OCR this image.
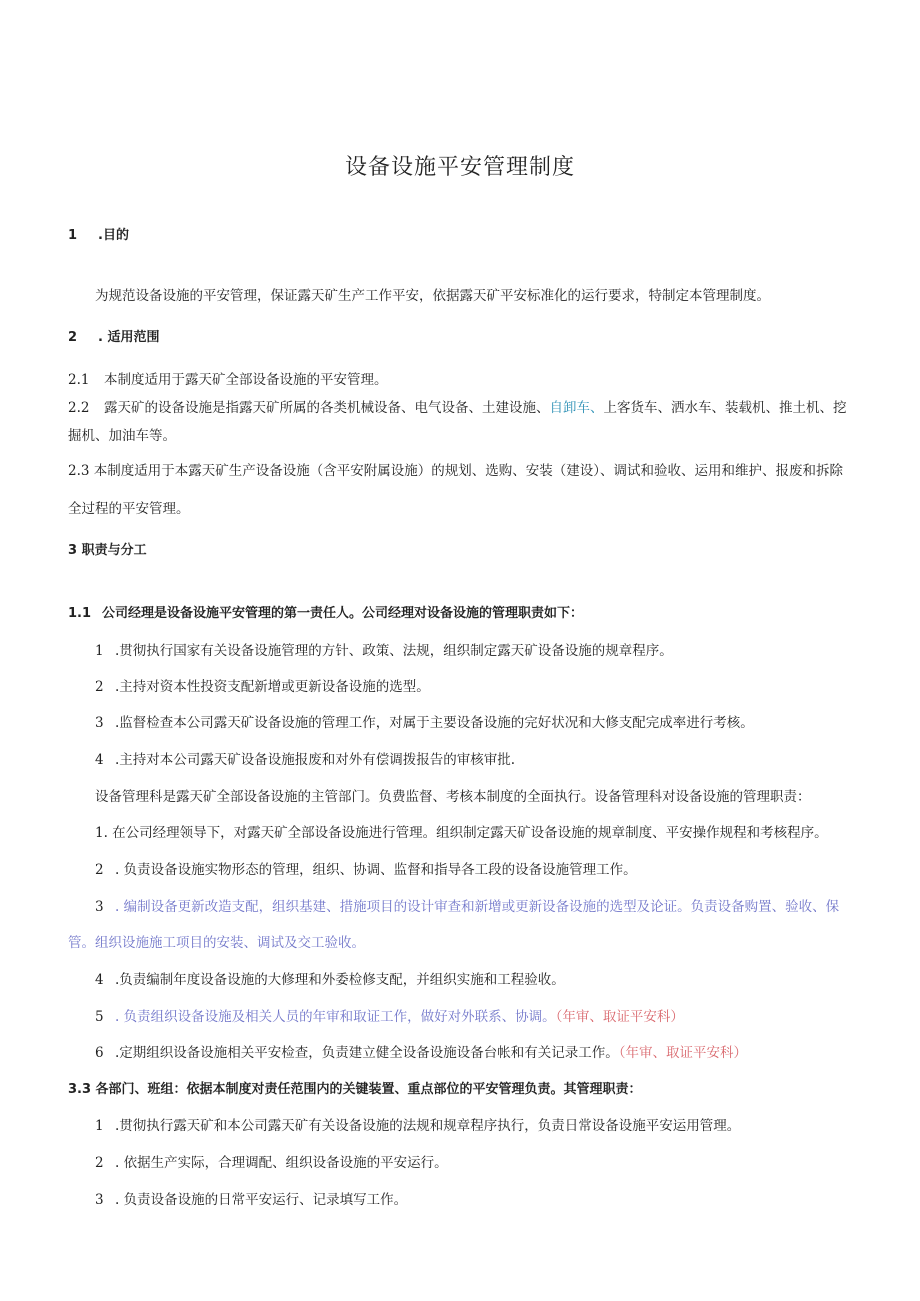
设备设施平安管理制度
1 .目的
为规范设备设施的平安管理，保证露天矿生产工作平安，依据露天矿平安标准化的运行要求，特制定本管理制度。
2 . 适用范围
2.1 本制度适用于露天矿全部设备设施的平安管理。
2.2 露天矿的设备设施是指露天矿所属的各类机械设备、电气设备、土建设施、自卸车、上客货车、洒水车、装载机、推土机、挖
掘机、加油车等。
2.3 本制度适用于本露天矿生产设备设施（含平安附属设施）的规划、选购、安装（建设）、调试和验收、运用和维护、报废和拆除
全过程的平安管理。
3 职责与分工
1.1 公司经理是设备设施平安管理的第一责任人。公司经理对设备设施的管理职责如下：
1 .贯彻执行国家有关设备设施管理的方针、政策、法规，组织制定露天矿设备设施的规章程序。
2 .主持对资本性投资支配新增或更新设备设施的选型。
3 .监督检查本公司露天矿设备设施的管理工作，对属于主要设备设施的完好状况和大修支配完成率进行考核。
4 .主持对本公司露天矿设备设施报废和对外有偿调拨报告的审核审批.
设备管理科是露天矿全部设备设施的主管部门。负费监督、考核本制度的全面执行。设备管理科对设备设施的管理职责：
1. 在公司经理领导下，对露天矿全部设备设施进行管理。组织制定露天矿设备设施的规章制度、平安操作规程和考核程序。
2 . 负责设备设施实物形态的管理，组织、协调、监督和指导各工段的设备设施管理工作。
3 . 编制设备更新改造支配，组织基建、措施项目的设计审查和新增或更新设备设施的选型及论证。负责设备购置、验收、保
管。组织设施施工项目的安装、调试及交工验收。
4 .负责编制年度设备设施的大修理和外委检修支配，并组织实施和工程验收。
5 . 负责组织设备设施及相关人员的年审和取证工作，做好对外联系、协调。（年审、取证平安科）
6 .定期组织设备设施相关平安检查，负责建立健全设备设施设备台帐和有关记录工作。（年审、取证平安科）
3.3 各部门、班组：依据本制度对责任范围内的关键装置、重点部位的平安管理负责。其管理职责：
1 .贯彻执行露天矿和本公司露天矿有关设备设施的法规和规章程序执行，负责日常设备设施平安运用管理。
2 . 依据生产实际，合理调配、组织设备设施的平安运行。
3 . 负责设备设施的日常平安运行、记录填写工作。
